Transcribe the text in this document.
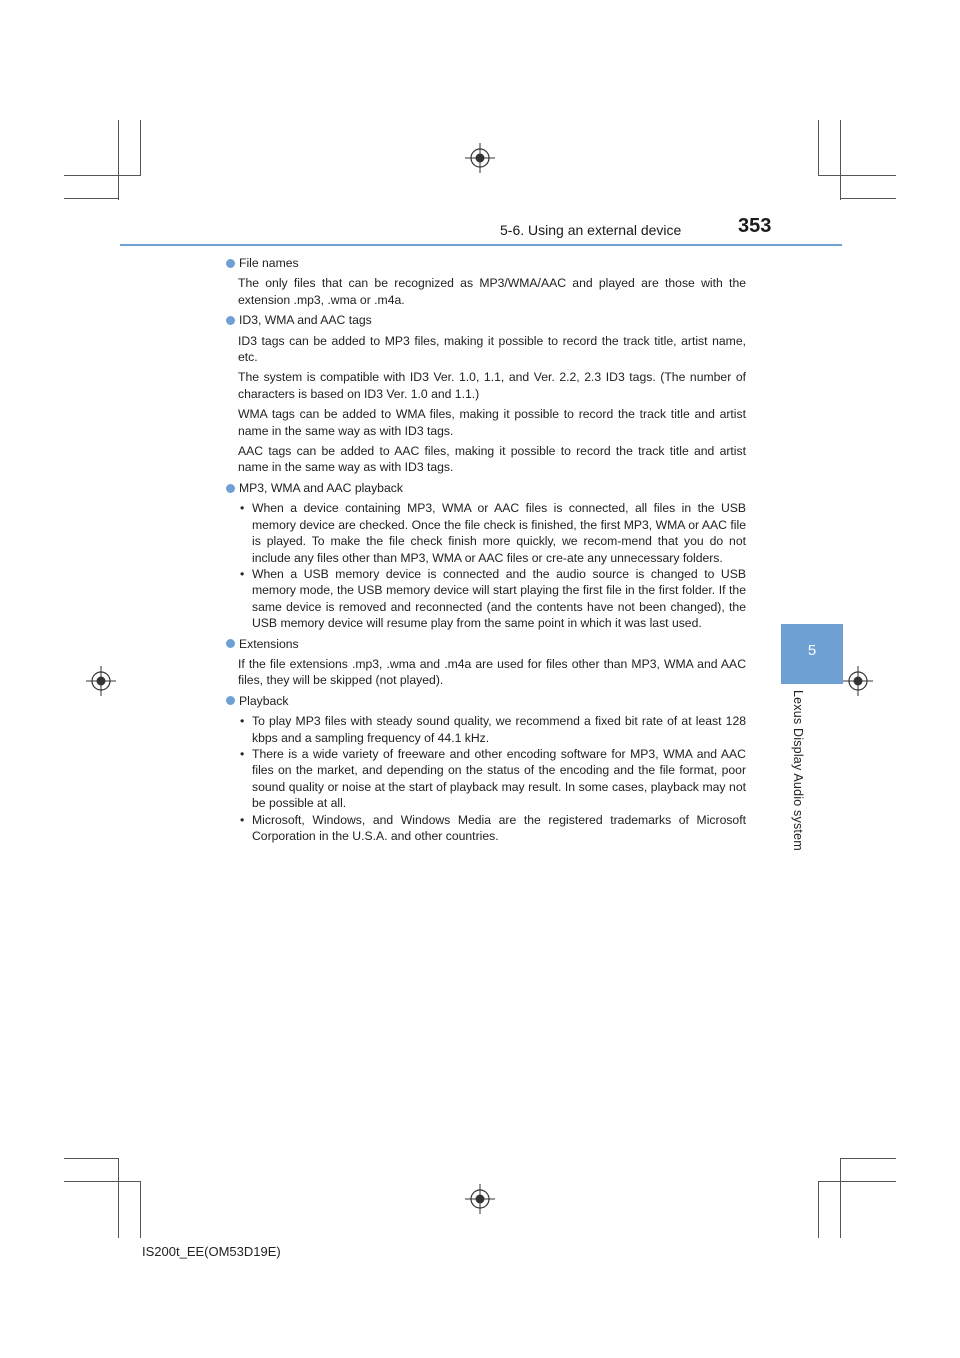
5-6. Using an external device	353
5
Lexus Display Audio system
File names
The only files that can be recognized as MP3/WMA/AAC and played are those with the extension .mp3, .wma or .m4a.
ID3, WMA and AAC tags
ID3 tags can be added to MP3 files, making it possible to record the track title, artist name, etc.
The system is compatible with ID3 Ver. 1.0, 1.1, and Ver. 2.2, 2.3 ID3 tags. (The number of characters is based on ID3 Ver. 1.0 and 1.1.)
WMA tags can be added to WMA files, making it possible to record the track title and artist name in the same way as with ID3 tags.
AAC tags can be added to AAC files, making it possible to record the track title and artist name in the same way as with ID3 tags.
MP3, WMA and AAC playback
• When a device containing MP3, WMA or AAC files is connected, all files in the USB memory device are checked. Once the file check is finished, the first MP3, WMA or AAC file is played. To make the file check finish more quickly, we recom-mend that you do not include any files other than MP3, WMA or AAC files or cre-ate any unnecessary folders.
• When a USB memory device is connected and the audio source is changed to USB memory mode, the USB memory device will start playing the first file in the first folder. If the same device is removed and reconnected (and the contents have not been changed), the USB memory device will resume play from the same point in which it was last used.
Extensions
If the file extensions .mp3, .wma and .m4a are used for files other than MP3, WMA and AAC files, they will be skipped (not played).
Playback
• To play MP3 files with steady sound quality, we recommend a fixed bit rate of at least 128 kbps and a sampling frequency of 44.1 kHz.
• There is a wide variety of freeware and other encoding software for MP3, WMA and AAC files on the market, and depending on the status of the encoding and the file format, poor sound quality or noise at the start of playback may result. In some cases, playback may not be possible at all.
• Microsoft, Windows, and Windows Media are the registered trademarks of Microsoft Corporation in the U.S.A. and other countries.
IS200t_EE(OM53D19E)
